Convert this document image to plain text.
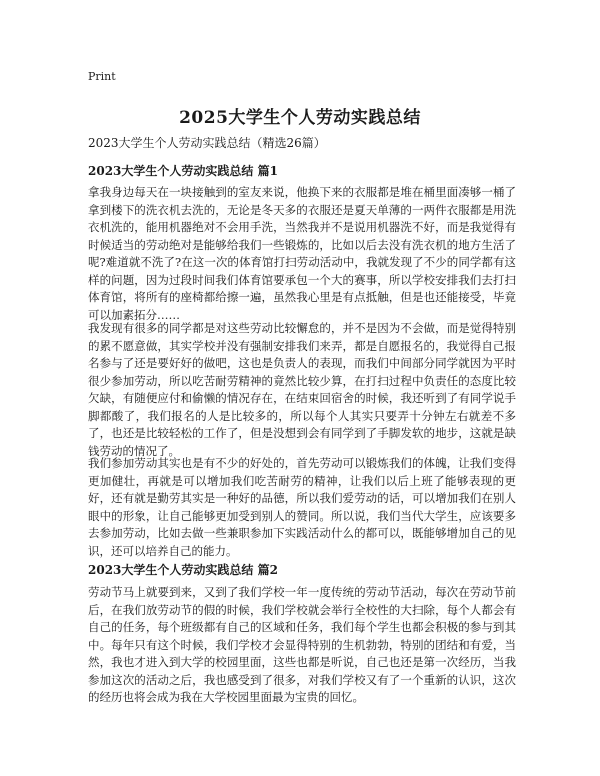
Print
2025大学生个人劳动实践总结

2023大学生个人劳动实践总结（精选26篇）

2023大学生个人劳动实践总结 篇1

拿我身边每天在一块接触到的室友来说，他换下来的衣服都是堆在桶里面凑够一桶了拿到楼下的洗衣机去洗的，无论是冬天多的衣服还是夏天单薄的一两件衣服都是用洗衣机洗的，能用机器绝对不会用手洗，当然我并不是说用机器洗不好，而是我觉得有时候适当的劳动绝对是能够给我们一些锻炼的，比如以后去没有洗衣机的地方生活了呢?难道就不洗了?在这一次的体育馆打扫劳动活动中，我就发现了不少的同学都有这样的问题，因为过段时间我们体育馆要承包一个大的赛事，所以学校安排我们去打扫体育馆，将所有的座椅都给擦一遍，虽然我心里是有点抵触，但是也还能接受，毕竟可以加素拓分……

我发现有很多的同学都是对这些劳动比较懈怠的，并不是因为不会做，而是觉得特别的累不愿意做，其实学校并没有强制安排我们来弄，都是自愿报名的，我觉得自己报名参与了还是要好好的做吧，这也是负责人的表现，而我们中间部分同学就因为平时很少参加劳动，所以吃苦耐劳精神的竟然比较少算，在打扫过程中负责任的态度比较欠缺，有随便应付和偷懒的情况存在，在结束回宿舍的时候，我还听到了有同学说手脚都酸了，我们报名的人是比较多的，所以每个人其实只要弄十分钟左右就差不多了，也还是比较轻松的工作了，但是没想到会有同学到了手脚发软的地步，这就是缺钱劳动的情况了。

我们参加劳动其实也是有不少的好处的，首先劳动可以锻炼我们的体魄，让我们变得更加健壮，再就是可以增加我们吃苦耐劳的精神，让我们以后上班了能够表现的更好，还有就是勤劳其实是一种好的品德，所以我们爱劳动的话，可以增加我们在别人眼中的形象，让自己能够更加受到别人的赞同。所以说，我们当代大学生，应该要多去参加劳动，比如去做一些兼职参加下实践活动什么的都可以，既能够增加自己的见识，还可以培养自己的能力。

2023大学生个人劳动实践总结 篇2

劳动节马上就要到来，又到了我们学校一年一度传统的劳动节活动，每次在劳动节前后，在我们放劳动节的假的时候，我们学校就会举行全校性的大扫除，每个人都会有自己的任务，每个班级都有自己的区域和任务，我们每个学生也都会积极的参与到其中。每年只有这个时候，我们学校才会显得特别的生机勃勃，特别的团结和有爱，当然，我也才进入到大学的校园里面，这些也都是听说，自己也还是第一次经历，当我参加这次的活动之后，我也感受到了很多，对我们学校又有了一个重新的认识，这次的经历也将会成为我在大学校园里面最为宝贵的回忆。
